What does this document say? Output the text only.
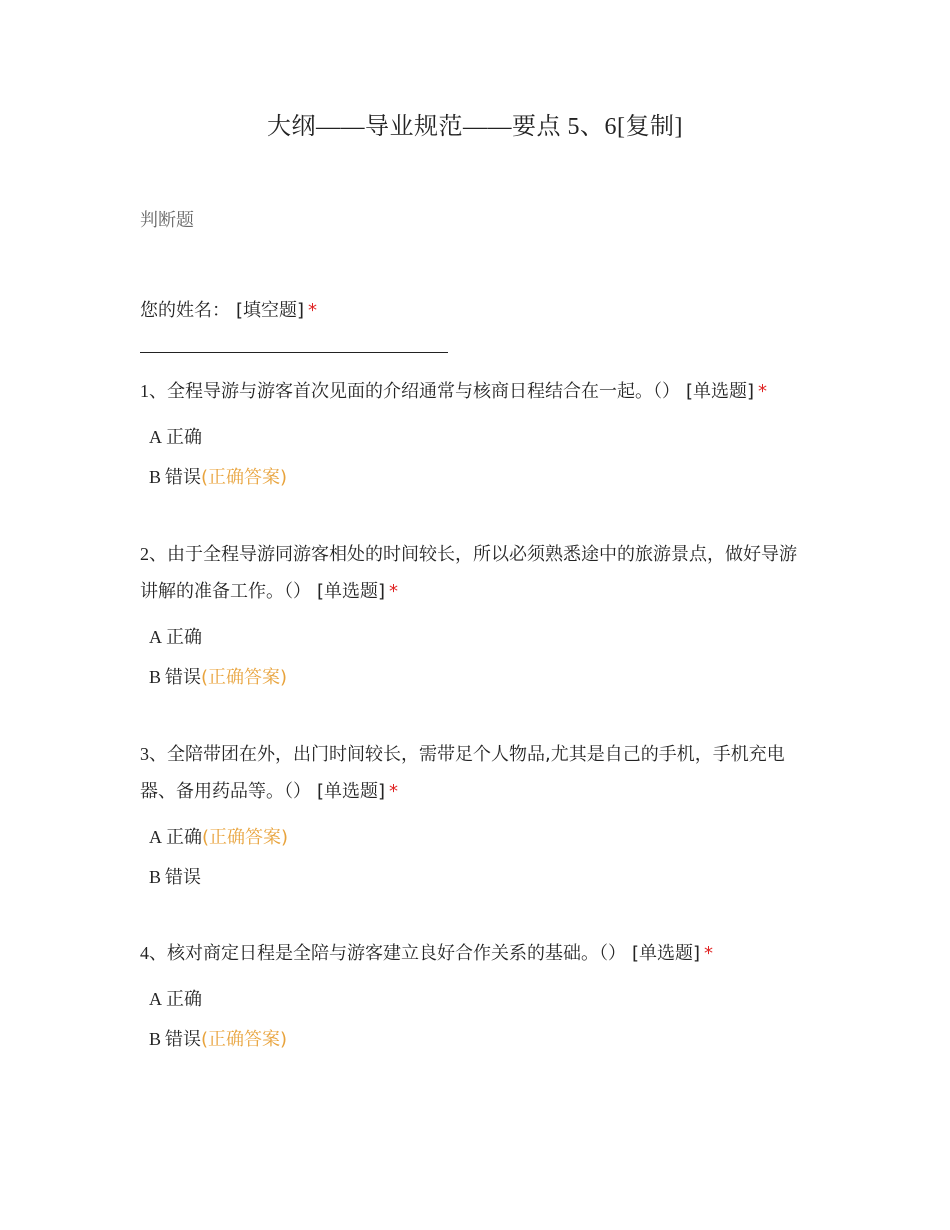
大纲——导业规范——要点 5、6[复制]
判断题
您的姓名： [填空题] *
1、全程导游与游客首次见面的介绍通常与核商日程结合在一起。（） [单选题] *
A 正确
B 错误(正确答案)
2、由于全程导游同游客相处的时间较长，所以必须熟悉途中的旅游景点，做好导游讲解的准备工作。（） [单选题] *
A 正确
B 错误(正确答案)
3、全陪带团在外，出门时间较长，需带足个人物品,尤其是自己的手机，手机充电器、备用药品等。（） [单选题] *
A 正确(正确答案)
B 错误
4、核对商定日程是全陪与游客建立良好合作关系的基础。（） [单选题] *
A 正确
B 错误(正确答案)
